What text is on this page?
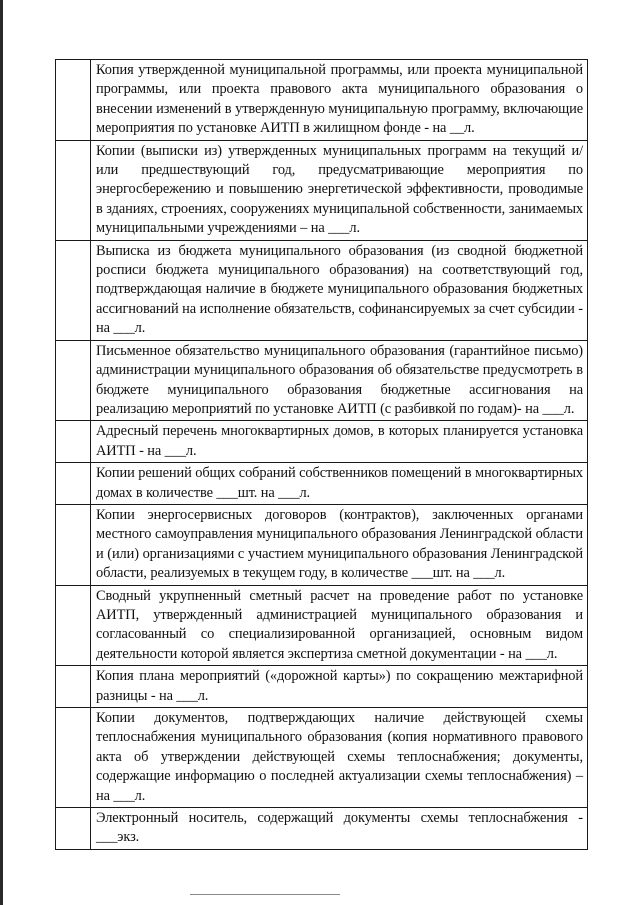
	Копия утвержденной муниципальной программы, или проекта муниципальной программы, или проекта правового акта муниципального образования о внесении изменений в утвержденную муниципальную программу, включающие мероприятия по установке АИТП в жилищном фонде - на __л.
	Копии (выписки из) утвержденных муниципальных программ на текущий и/или предшествующий год, предусматривающие мероприятия по энергосбережению и повышению энергетической эффективности, проводимые в зданиях, строениях, сооружениях муниципальной собственности, занимаемых муниципальными учреждениями – на ___л.
	Выписка из бюджета муниципального образования (из сводной бюджетной росписи бюджета муниципального образования) на соответствующий год, подтверждающая наличие в бюджете муниципального образования бюджетных ассигнований на исполнение обязательств, софинансируемых за счет субсидии - на ___л.
	Письменное обязательство муниципального образования (гарантийное письмо) администрации муниципального образования об обязательстве предусмотреть в бюджете муниципального образования бюджетные ассигнования на реализацию мероприятий по установке АИТП (с разбивкой по годам)- на ___л.
	Адресный перечень многоквартирных домов, в которых планируется установка АИТП - на ___л.
	Копии решений общих собраний собственников помещений в многоквартирных домах в количестве ___шт. на ___л.
	Копии энергосервисных договоров (контрактов), заключенных органами местного самоуправления муниципального образования Ленинградской области и (или) организациями с участием муниципального образования Ленинградской области, реализуемых в текущем году, в количестве ___шт. на ___л.
	Сводный укрупненный сметный расчет на проведение работ по установке АИТП, утвержденный администрацией муниципального образования и согласованный со специализированной организацией, основным видом деятельности которой является экспертиза сметной документации - на ___л.
	Копия плана мероприятий («дорожной карты») по сокращению межтарифной разницы - на ___л.
	Копии документов, подтверждающих наличие действующей схемы теплоснабжения муниципального образования (копия нормативного правового акта об утверждении действующей схемы теплоснабжения; документы, содержащие информацию о последней актуализации схемы теплоснабжения) – на ___л.
	Электронный носитель, содержащий документы схемы теплоснабжения - ___экз.
